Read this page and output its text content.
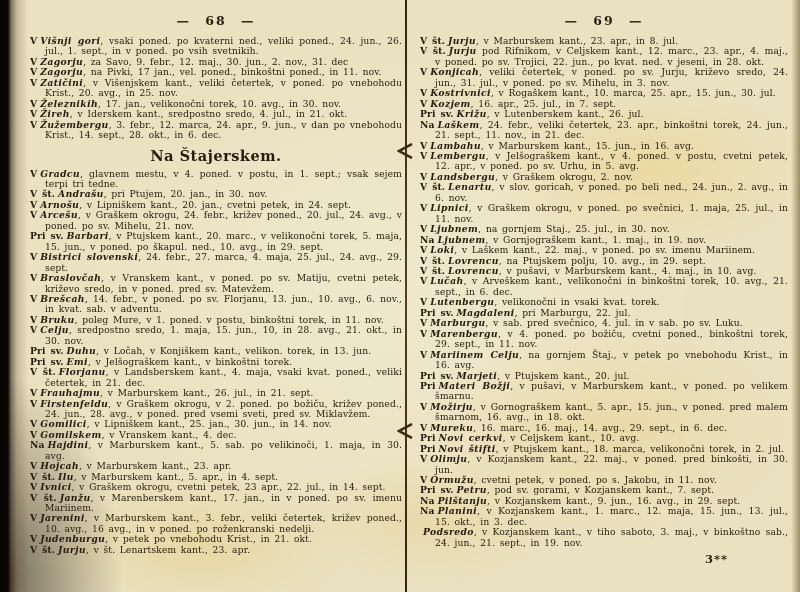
— 68 —

V Višnji gori, vsaki poned. po kvaterni ned., veliki poned., 24. jun., 26. jul., 1. sept., in v poned. po vsih svetnikih.

V Zagorju, za Savo, 9. febr., 12. maj., 30. jun., 2. nov., 31. dec

V Zagorju, na Pivki, 17 jan., vel. poned., binkoštni poned., in 11. nov.

V Zatičini, v Višenjskem kant., veliki četertek, v poned. po vnebohodu Krist., 20. avg., in 25. nov.

V Železnikih, 17. jan., velikonočni torek, 10. avg., in 30. nov.

V Žireh, v Iderskem kant., sredpostno sredo, 4. jul., in 21. okt.

V Žužembergu, 3. febr., 12. marca, 24. apr., 9. jun., v dan po vnebohodu Krist., 14. sept., 28. okt., in 6. dec.

Na Štajerskem.

V Gradcu, glavnem mestu, v 4. poned. v postu, in 1. sept.; vsak sejem terpi tri tedne.

V št. Andrašu, pri Ptujem, 20. jan., in 30. nov.

V Arnošu, v Lipniškem kant., 20. jan., cvetni petek, in 24. sept.

V Arcešu, v Graškem okrogu, 24. febr., križev poned., 20. jul., 24. avg., v poned. po sv. Mihelu, 21. nov.

Pri sv. Barbari, v Ptujskem kant., 20. marc., v velikonočni torek, 5. maja, 15. jun., v poned. po škapul. ned., 10. avg., in 29. sept.

V Bistrici slovenski, 24. febr., 27. marca, 4. maja, 25. jul., 24. avg., 29. sept.

V Braslovčah, v Vranskem kant., v poned. po sv. Matiju, cvetni petek, križevo sredo, in v poned. pred sv. Matevžem.

V Brešcah, 14. febr., v poned. po sv. Florjanu, 13. jun., 10. avg., 6. nov., in kvat. sab. v adventu.

V Bruku, poleg Mure, v 1. poned. v postu, binkoštni torek, in 11. nov.

V Celju, sredpostno sredo, 1. maja, 15. jun., 10, in 28. avg., 21. okt., in 30. nov.

Pri sv. Duhu, v Ločah, v Konjiškem kant., velikon. torek, in 13. jun.

Pri sv. Emi, v Jelšograškem kant., v binkoštni torek.

V št. Florjanu, v Landsberskem kant., 4. maja, vsaki kvat. poned., veliki četertek, in 21. dec.

V Frauhajmu, v Marburskem kant., 26. jul., in 21. sept.

V Firstenfeldu, v Graškem okrogu, v 2. poned. po božiču, križev poned., 24. jun., 28. avg., v poned. pred vsemi sveti, pred sv. Miklavžem.

V Gomilici, v Lipniškem kant., 25. jan., 30. jun., in 14. nov.

V Gomilskem, v Vranskem kant., 4. dec.

Na Hajdini, v Marburskem kant., 5. sab. po velikinoči, 1. maja, in 30. avg.

V Hojcah, v Marburskem kant., 23. apr.

V št. Ilu, v Marburskem kant., 5. apr., in 4. sept.

V Ivnici, v Graškem okrogu, cvetni petek, 23 apr., 22. jul., in 14. sept.

V št. Janžu, v Marenberskem kant., 17. jan., in v poned. po sv. imenu Mariinem.

V Jarenini, v Marburskem kant., 3. febr., veliki četertek, križev poned., 10. avg., 16 avg., in v poned. po roženkranski nedelji.

V Judenburgu, v petek po vnebohodu Krist., in 21. okt.

V št. Jurju, v št. Lenartskem kant., 23. apr.

— 69 —

V št. Jurju, v Marburskem kant., 23. apr., in 8. jul.

V št. Jurju pod Rifnikom, v Celjskem kant., 12. marc., 23. apr., 4. maj., v poned. po sv. Trojici, 22. jun., po kvat. ned. v jeseni, in 28. okt.

V Konjicah, veliki četertek, v poned. po sv. Jurju, križevo sredo, 24. jun., 31. jul., v poned. po sv. Mihelu, in 3. nov.

V Kostrivnici, v Rogaškem kant., 10. marca, 25. apr., 15. jun., 30. jul.

V Kozjem, 16. apr., 25. jul., in 7. sept.

Pri sv. Križu, v Lutenberskem kant., 26. jul.

Na Laškem, 24. febr., veliki četertek, 23. apr., binkoštni torek, 24. jun., 21. sept., 11. nov., in 21. dec.

V Lambahu, v Marburskem kant., 15. jun., in 16. avg.

V Lembergu, v Jelšograškem kant., v 4. poned. v postu, cvetni petek, 12. apr., v poned. po sv. Urhu, in 5. avg.

V Landsbergu, v Graškem okrogu, 2. nov.

V št. Lenartu, v slov. goricah, v poned. po beli ned., 24. jun., 2. avg., in 6. nov.

V Lipnici, v Graškem okrogu, v poned. po svečnici, 1. maja, 25. jul., in 11. nov.

V Ljubnem, na gornjem Staj., 25. jul., in 30. nov.

Na Ljubnem, v Gornjograškem kant., 1. maj., in 19. nov.

V Loki, v Laškem kant., 22. maj., v poned. po sv. imenu Mariinem.

V št. Lovrencu, na Ptujskem polju, 10. avg., in 29. sept.

V št. Lovrencu, v pušavi, v Marburskem kant., 4. maj., in 10. avg.

V Lučah, v Arveškem kant., velikonočni in binkoštni torek, 10. avg., 21. sept., in 6. dec.

V Lutenbergu, velikonočni in vsaki kvat. torek.

Pri sv. Magdaleni, pri Marburgu, 22. jul.

V Marburgu, v sab. pred svečnico, 4. jul. in v sab. po sv. Luku.

V Marenbergu, v 4. poned. po božiču, cvetni poned., binkoštni torek, 29. sept., in 11. nov.

V Mariinem Celju, na gornjem Štaj., v petek po vnebohodu Krist., in 16. avg.

Pri sv. Marjeti, v Ptujskem kant., 20. jul.

Pri Materi Božji, v pušavi, v Marburskem kant., v poned. po velikem šmarnu.

V Možirju, v Gornograškem kant., 5. apr., 15. jun., v poned. pred malem šmarnom, 16. avg., in 18. okt.

V Mureku, 16. marc., 16. maj., 14. avg., 29. sept., in 6. dec.

Pri Novi cerkvi, v Celjskem kant., 10. avg.

Pri Novi štifti, v Ptujskem kant., 18. marca, velikonočni torek, in 2. jul.

V Olimju, v Kozjanskem kant., 22. maj., v poned. pred binkošti, in 30. jun.

V Ormužu, cvetni petek, v poned. po s. Jakobu, in 11. nov.

Pri sv. Petru, pod sv. gorami, v Kozjanskem kant., 7. sept.

Na Pilštanju, v Kozjanskem kant., 9. jun., 16. avg., in 29. sept.

Na Planini, v Kozjanskem kant., 1. marc., 12. maja, 15. jun., 13. jul., 15. okt., in 3. dec.

Podsredo, v Kozjanskem kant., v tiho saboto, 3. maj., v binkoštno sab., 24. jun., 21. sept., in 19. nov.

3**
